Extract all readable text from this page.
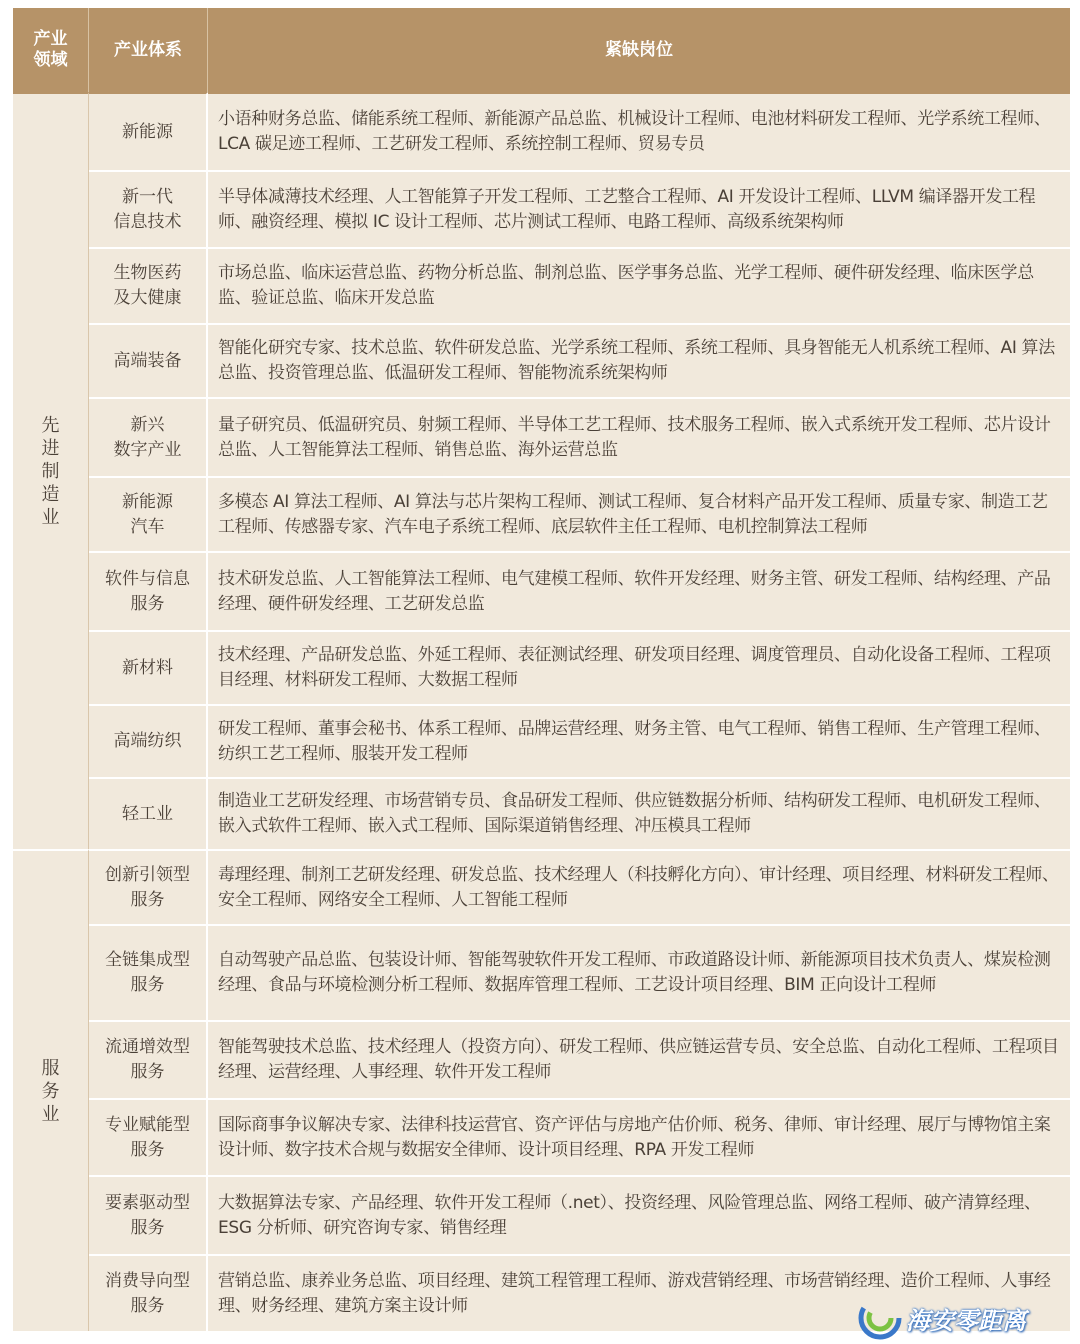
产业
领域
产业体系	紧缺岗位
先进制造业
服务业
新能源
小语种财务总监、储能系统工程师、新能源产品总监、机械设计工程师、电池材料研发工程师、光学系统工程师、LCA 碳足迹工程师、工艺研发工程师、系统控制工程师、贸易专员
新一代
信息技术
半导体减薄技术经理、人工智能算子开发工程师、工艺整合工程师、AI 开发设计工程师、LLVM 编译器开发工程师、融资经理、模拟 IC 设计工程师、芯片测试工程师、电路工程师、高级系统架构师
生物医药
及大健康
市场总监、临床运营总监、药物分析总监、制剂总监、医学事务总监、光学工程师、硬件研发经理、临床医学总监、验证总监、临床开发总监
高端装备
智能化研究专家、技术总监、软件研发总监、光学系统工程师、系统工程师、具身智能无人机系统工程师、AI 算法总监、投资管理总监、低温研发工程师、智能物流系统架构师
新兴
数字产业
量子研究员、低温研究员、射频工程师、半导体工艺工程师、技术服务工程师、嵌入式系统开发工程师、芯片设计总监、人工智能算法工程师、销售总监、海外运营总监
新能源
汽车
多模态 AI 算法工程师、AI 算法与芯片架构工程师、测试工程师、复合材料产品开发工程师、质量专家、制造工艺工程师、传感器专家、汽车电子系统工程师、底层软件主任工程师、电机控制算法工程师
软件与信息
服务
技术研发总监、人工智能算法工程师、电气建模工程师、软件开发经理、财务主管、研发工程师、结构经理、产品经理、硬件研发经理、工艺研发总监
新材料
技术经理、产品研发总监、外延工程师、表征测试经理、研发项目经理、调度管理员、自动化设备工程师、工程项目经理、材料研发工程师、大数据工程师
高端纺织
研发工程师、董事会秘书、体系工程师、品牌运营经理、财务主管、电气工程师、销售工程师、生产管理工程师、纺织工艺工程师、服装开发工程师
轻工业
制造业工艺研发经理、市场营销专员、食品研发工程师、供应链数据分析师、结构研发工程师、电机研发工程师、嵌入式软件工程师、嵌入式工程师、国际渠道销售经理、冲压模具工程师
创新引领型
服务
毒理经理、制剂工艺研发经理、研发总监、技术经理人（科技孵化方向）、审计经理、项目经理、材料研发工程师、安全工程师、网络安全工程师、人工智能工程师
全链集成型
服务
自动驾驶产品总监、包装设计师、智能驾驶软件开发工程师、市政道路设计师、新能源项目技术负责人、煤炭检测经理、食品与环境检测分析工程师、数据库管理工程师、工艺设计项目经理、BIM 正向设计工程师
流通增效型
服务
智能驾驶技术总监、技术经理人（投资方向）、研发工程师、供应链运营专员、安全总监、自动化工程师、工程项目经理、运营经理、人事经理、软件开发工程师
专业赋能型
服务
国际商事争议解决专家、法律科技运营官、资产评估与房地产估价师、税务、律师、审计经理、展厅与博物馆主案设计师、数字技术合规与数据安全律师、设计项目经理、RPA 开发工程师
要素驱动型
服务
大数据算法专家、产品经理、软件开发工程师（.net）、投资经理、风险管理总监、网络工程师、破产清算经理、ESG 分析师、研究咨询专家、销售经理
消费导向型
服务
营销总监、康养业务总监、项目经理、建筑工程管理工程师、游戏营销经理、市场营销经理、造价工程师、人事经理、财务经理、建筑方案主设计师
海安零距离
